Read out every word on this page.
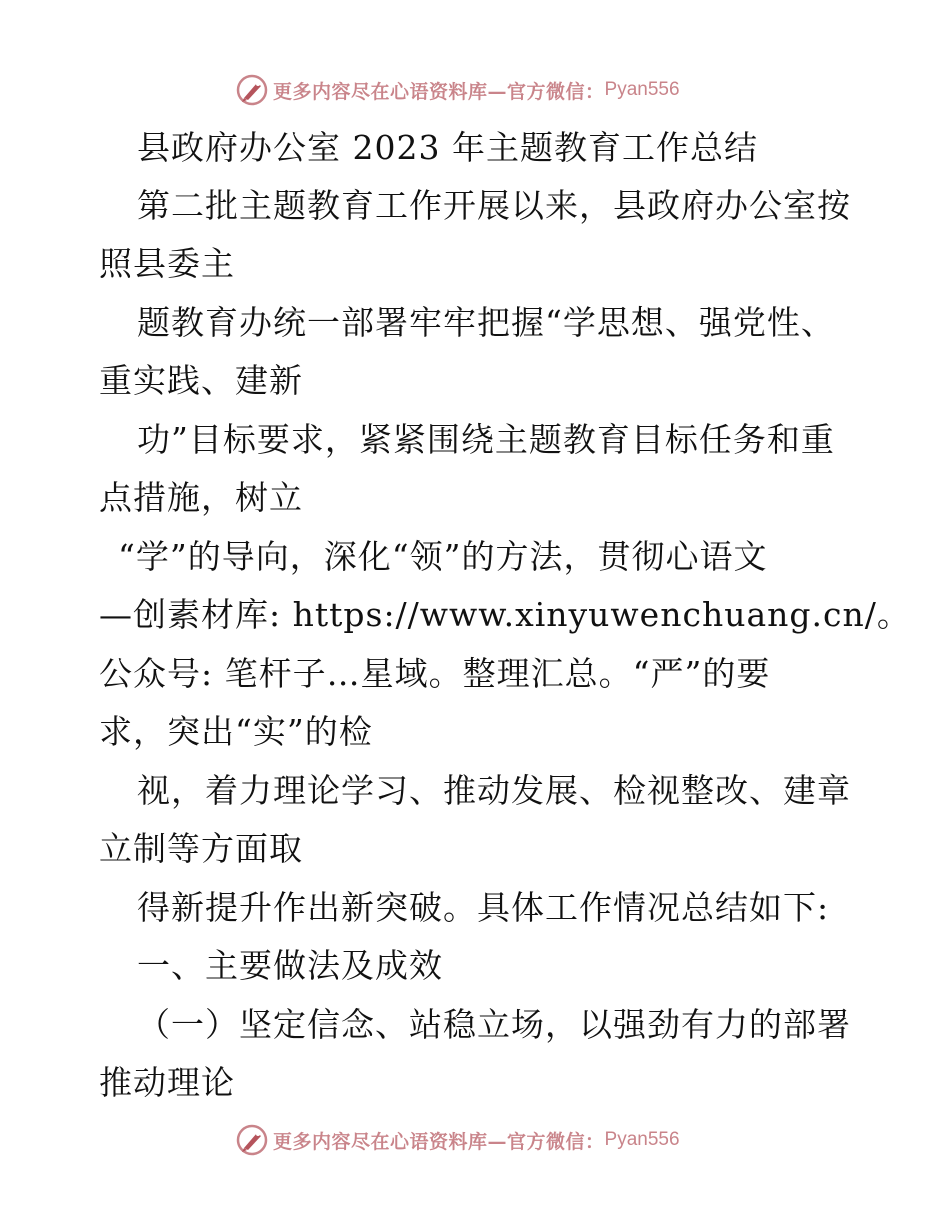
更多内容尽在心语资料库—官方微信： Pyan556
县政府办公室 2023 年主题教育工作总结
第二批主题教育工作开展以来，县政府办公室按
照县委主
题教育办统一部署牢牢把握“学思想、强党性、
重实践、建新
功”目标要求，紧紧围绕主题教育目标任务和重
点措施，树立
“学”的导向，深化“领”的方法，贯彻心语文
—创素材库: https://www.xinyuwenchuang.cn/。
公众号: 笔杆子…星域。整理汇总。“严”的要
求，突出“实”的检
视，着力理论学习、推动发展、检视整改、建章
立制等方面取
得新提升作出新突破。具体工作情况总结如下:
一、主要做法及成效
（一）坚定信念、站稳立场，以强劲有力的部署
推动理论
更多内容尽在心语资料库—官方微信： Pyan556
